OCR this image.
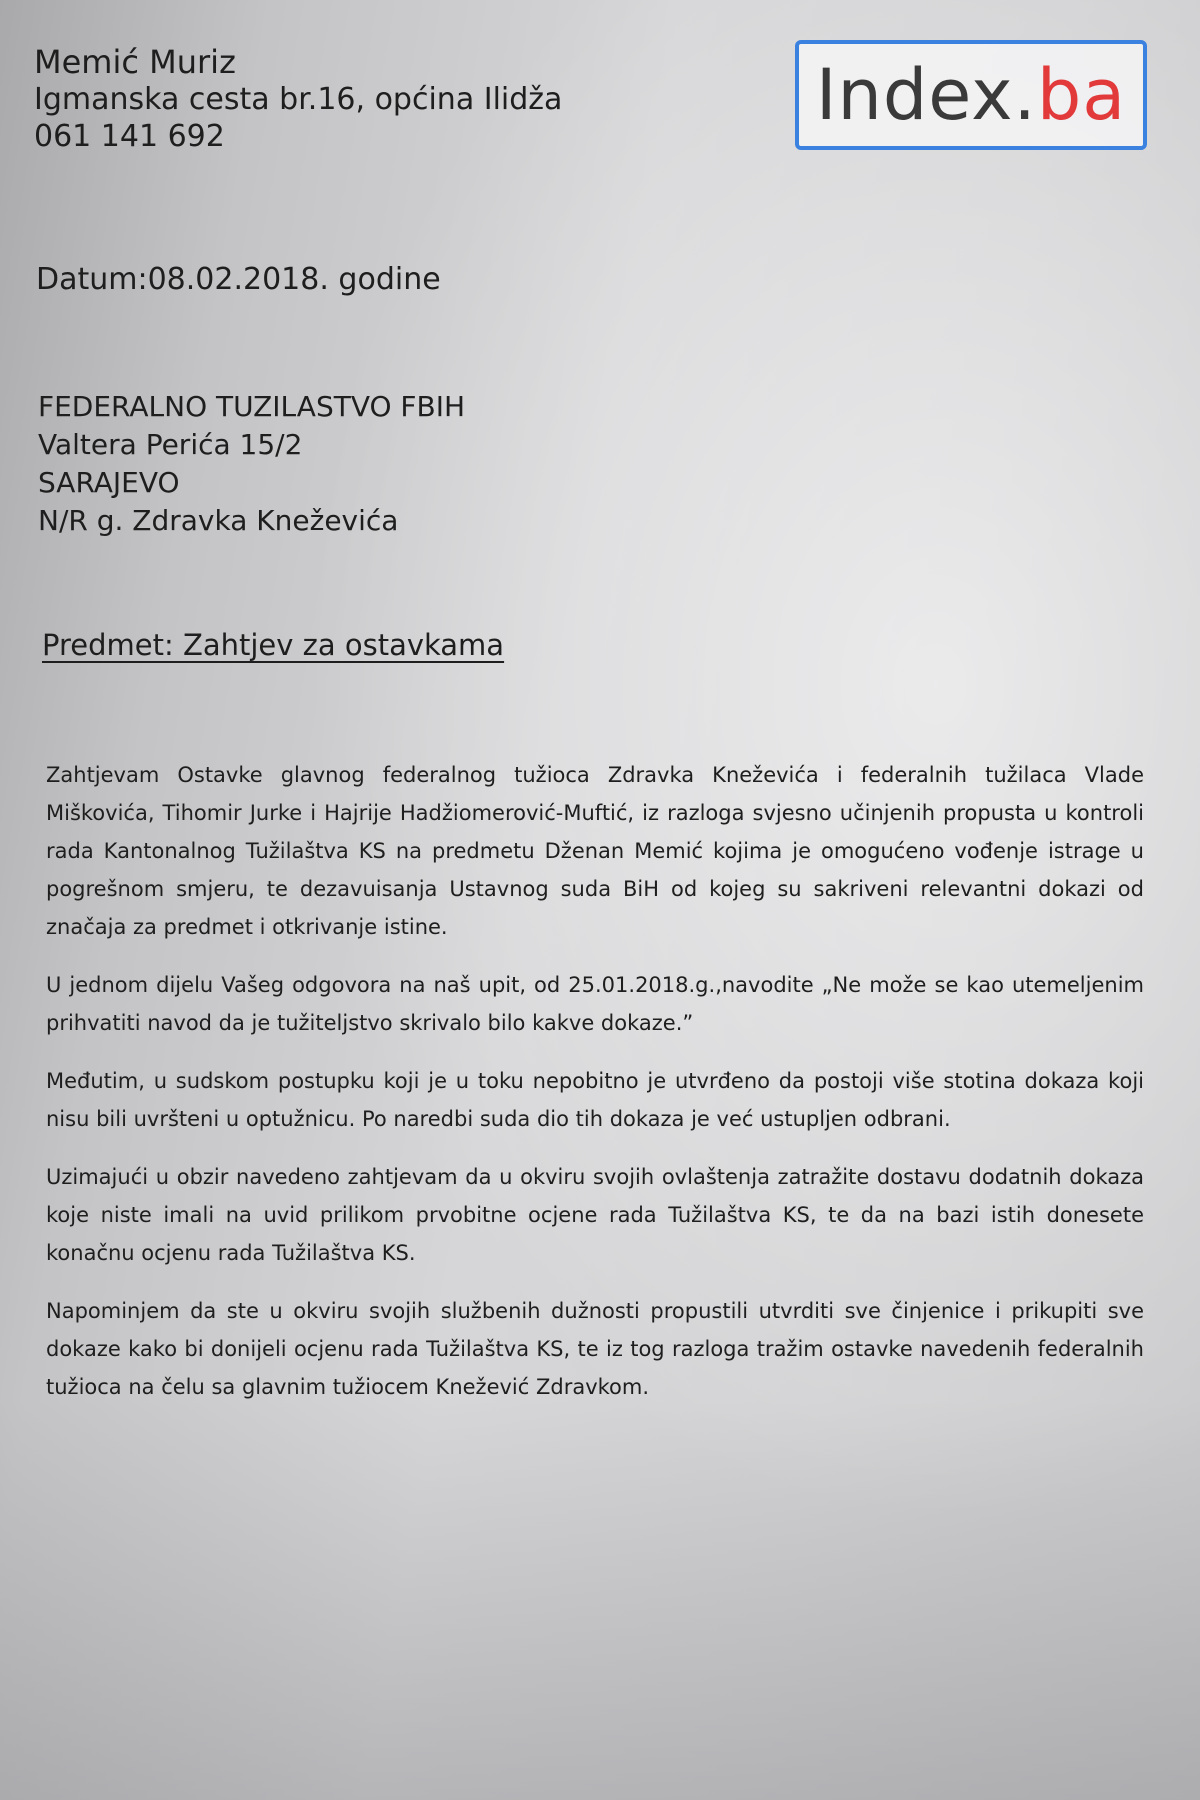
Index. ba
Memić Muriz
Igmanska cesta br.16, općina Ilidža
061 141 692
Datum:08.02.2018. godine
FEDERALNO TUZILASTVO FBIH
Valtera Perića 15/2
SARAJEVO
N/R g. Zdravka Kneževića
Predmet: Zahtjev za ostavkama

Zahtjevam Ostavke glavnog federalnog tužioca Zdravka Kneževića i federalnih tužilaca Vlade Miškovića, Tihomir Jurke i Hajrije Hadžiomerović-Muftić, iz razloga svjesno učinjenih propusta u kontroli rada Kantonalnog Tužilaštva KS na predmetu Dženan Memić kojima je omogućeno vođenje istrage u pogrešnom smjeru, te dezavuisanja Ustavnog suda BiH od kojeg su sakriveni relevantni dokazi od značaja za predmet i otkrivanje istine.

U jednom dijelu Vašeg odgovora na naš upit, od 25.01.2018.g.,navodite „Ne može se kao utemeljenim prihvatiti navod da je tužiteljstvo skrivalo bilo kakve dokaze.”

Međutim, u sudskom postupku koji je u toku nepobitno je utvrđeno da postoji više stotina dokaza koji nisu bili uvršteni u optužnicu. Po naredbi suda dio tih dokaza je već ustupljen odbrani.

Uzimajući u obzir navedeno zahtjevam da u okviru svojih ovlaštenja zatražite dostavu dodatnih dokaza koje niste imali na uvid prilikom prvobitne ocjene rada Tužilaštva KS, te da na bazi istih donesete konačnu ocjenu rada Tužilaštva KS.

Napominjem da ste u okviru svojih službenih dužnosti propustili utvrditi sve činjenice i prikupiti sve dokaze kako bi donijeli ocjenu rada Tužilaštva KS, te iz tog razloga tražim ostavke navedenih federalnih tužioca na čelu sa glavnim tužiocem Knežević Zdravkom.
